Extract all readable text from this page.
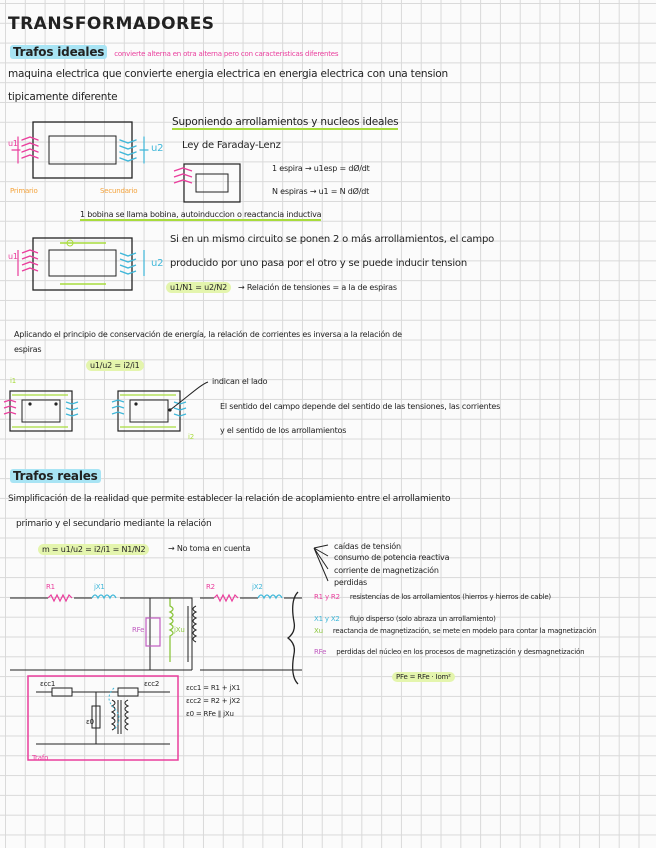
TRANSFORMADORES
Trafos ideales convierte alterna en otra alterna pero con caracteristicas diferentes
maquina electrica que convierte energia electrica en energia electrica con una tension
tipicamente diferente
Suponiendo arrollamientos y nucleos ideales
Ley de Faraday-Lenz
1 espira → u1esp = dØ/dt
N espiras → u1 = N dØ/dt
u1	u2
Primario	Secundario
1 bobina se llama bobina, autoinduccion o reactancia inductiva
Si en un mismo circuito se ponen 2 o más arrollamientos, el campo
producido por uno pasa por el otro y se puede inducir tension
u1
u2
u1/N1 = u2/N2 → Relación de tensiones = a la de espiras
Aplicando el principio de conservación de energía, la relación de corrientes es inversa a la relación de
espiras
u1/u2 = i2/i1
indican el lado
El sentido del campo depende del sentido de las tensiones, las corrientes
y el sentido de los arrollamientos
i1
i2
Trafos reales
Simplificación de la realidad que permite establecer la relación de acoplamiento entre el arrollamiento
primario y el secundario mediante la relación
m = u1/u2 = i2/i1 = N1/N2	→ No toma en cuenta	caídas de tensión
consumo de potencia reactiva
corriente de magnetización
perdidas
R1	jX1	R2	jX2
RFe	jXu
R1 y R2 resistencias de los arrollamientos (hierros y hierros de cable)
X1 y X2 flujo disperso (solo abraza un arrollamiento)
Xu reactancia de magnetización, se mete en modelo para contar la magnetización
RFe perdidas del núcleo en los procesos de magnetización y desmagnetización
PFe = RFe · Iom²
εcc1	εcc2
ε0
εcc1 = R1 + jX1
εcc2 = R2 + jX2
ε0 = RFe ∥ jXu
Trafo
